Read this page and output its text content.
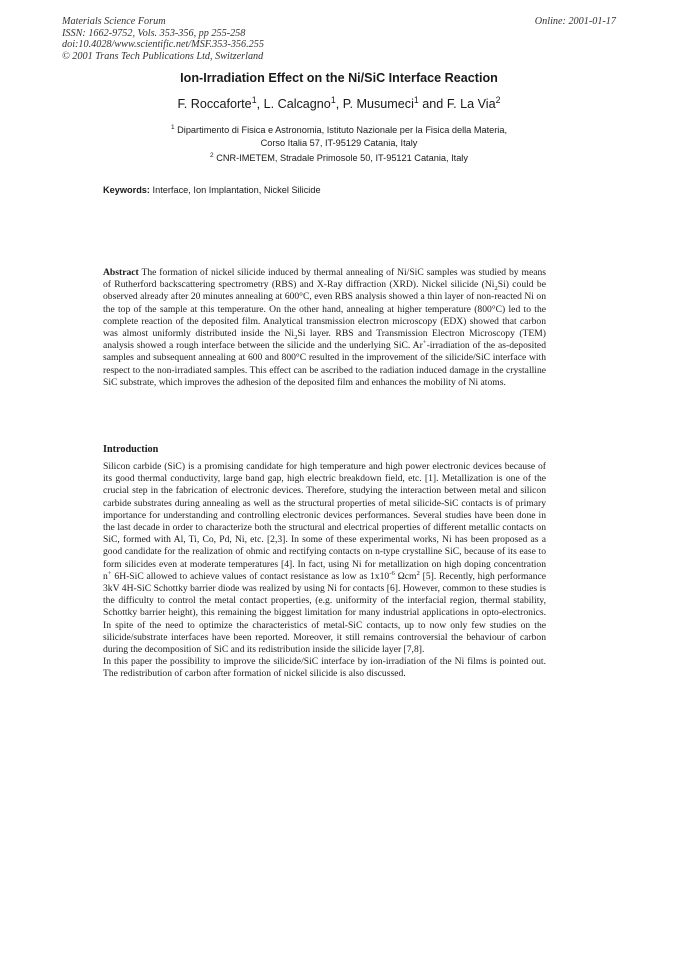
Materials Science Forum
ISSN: 1662-9752, Vols. 353-356, pp 255-258
doi:10.4028/www.scientific.net/MSF.353-356.255
© 2001 Trans Tech Publications Ltd, Switzerland
Online: 2001-01-17
Ion-Irradiation Effect on the Ni/SiC Interface Reaction
F. Roccaforte$^1$, L. Calcagno$^1$, P. Musumeci$^1$ and F. La Via$^2$
$^1$ Dipartimento di Fisica e Astronomia, Istituto Nazionale per la Fisica della Materia,
Corso Italia 57, IT-95129 Catania, Italy
$^2$ CNR-IMETEM, Stradale Primosole 50, IT-95121 Catania, Italy
Keywords: Interface, Ion Implantation, Nickel Silicide

Abstract The formation of nickel silicide induced by thermal annealing of Ni/SiC samples was studied by means of Rutherford backscattering spectrometry (RBS) and X-Ray diffraction (XRD). Nickel silicide $(Ni_2Si)$ could be observed already after 20 minutes annealing at 600°C, even RBS analysis showed a thin layer of non-reacted Ni on the top of the sample at this temperature. On the other hand, annealing at higher temperature (800°C) led to the complete reaction of the deposited film. Analytical transmission electron microscopy (EDX) showed that carbon was almost uniformly distributed inside the $Ni_2Si$ layer. RBS and Transmission Electron Microscopy (TEM) analysis showed a rough interface between the silicide and the underlying SiC. Ar+-irradiation of the as-deposited samples and subsequent annealing at 600 and 800°C resulted in the improvement of the silicide/SiC interface with respect to the non-irradiated samples. This effect can be ascribed to the radiation induced damage in the crystalline SiC substrate, which improves the adhesion of the deposited film and enhances the mobility of Ni atoms.

Introduction

Silicon carbide (SiC) is a promising candidate for high temperature and high power electronic devices because of its good thermal conductivity, large band gap, high electric breakdown field, etc. [1]. Metallization is one of the crucial step in the fabrication of electronic devices. Therefore, studying the interaction between metal and silicon carbide substrates during annealing as well as the structural properties of metal silicide-SiC contacts is of primary importance for understanding and controlling electronic devices performances. Several studies have been done in the last decade in order to characterize both the structural and electrical properties of different metallic contacts on SiC, formed with Al, Ti, Co, Pd, Ni, etc. [2,3]. In some of these experimental works, Ni has been proposed as a good candidate for the realization of ohmic and rectifying contacts on n-type crystalline SiC, because of its ease to form silicides even at moderate temperatures [4]. In fact, using Ni for metallization on high doping concentration n+ 6H-SiC allowed to achieve values of contact resistance as low as $1x10^{-6}$ Ωcm$^2$ [5]. Recently, high performance 3kV 4H-SiC Schottky barrier diode was realized by using Ni for contacts [6]. However, common to these studies is the difficulty to control the metal contact properties, (e.g. uniformity of the interfacial region, thermal stability, Schottky barrier height), this remaining the biggest limitation for many industrial applications in opto-electronics. In spite of the need to optimize the characteristics of metal-SiC contacts, up to now only few studies on the silicide/substrate interfaces have been reported. Moreover, it still remains controversial the behaviour of carbon during the decomposition of SiC and its redistribution inside the silicide layer [7,8].

In this paper the possibility to improve the silicide/SiC interface by ion-irradiation of the Ni films is pointed out. The redistribution of carbon after formation of nickel silicide is also discussed.
